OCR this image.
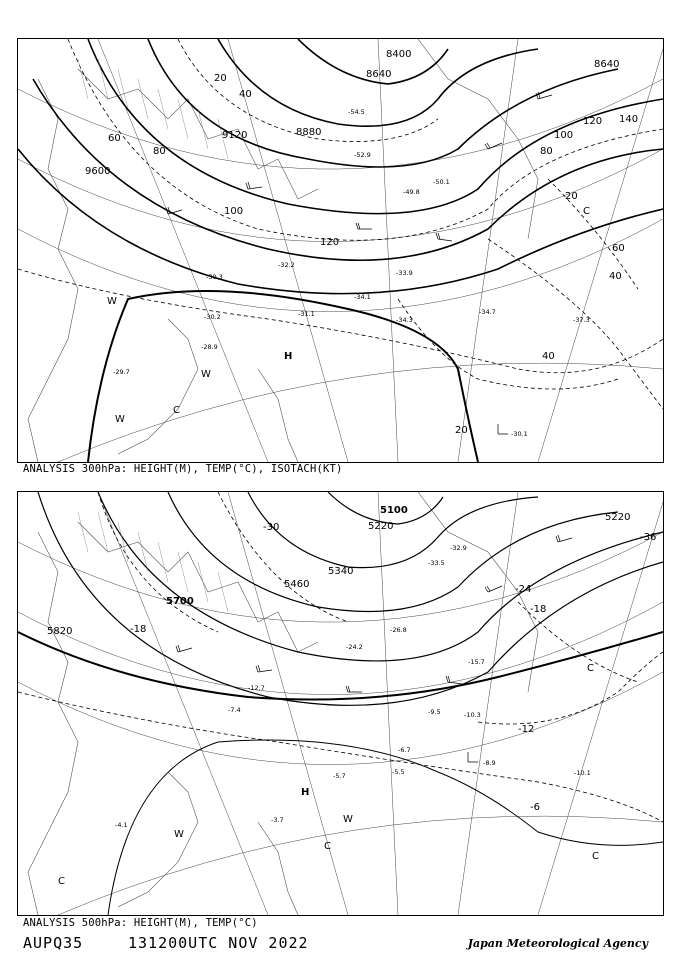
9600
9120	8880
8640
8400
8640
20
40
60
80
100
120
140
120
100
80
60
40
20
40
20
-30.3
-32.2
-33.9
-34.1
-34.3
-34.7
-37.3
-30.2
-29.7
-28.9
-30.1
-31.1
-52.9
-54.5
-50.1
-49.8
H
W
W
W
C
C
ANALYSIS 300hPa: HEIGHT(M), TEMP(°C), ISOTACH(KT)
5820
5700
5460
5340
5220
5100
5220
-30
-24
-18
-18
-12
-6
-36
-15.7
-9.5	-10.3
-8.9
-10.1
-5.5
-5.7
-6.7
-3.7
-4.1
-7.4
-12.7
-26.8
-24.2
-33.5
-32.9
H
W
W
C
C
C
C
ANALYSIS 500hPa: HEIGHT(M), TEMP(°C)
AUPQ35	131200UTC NOV 2022	Japan Meteorological Agency
